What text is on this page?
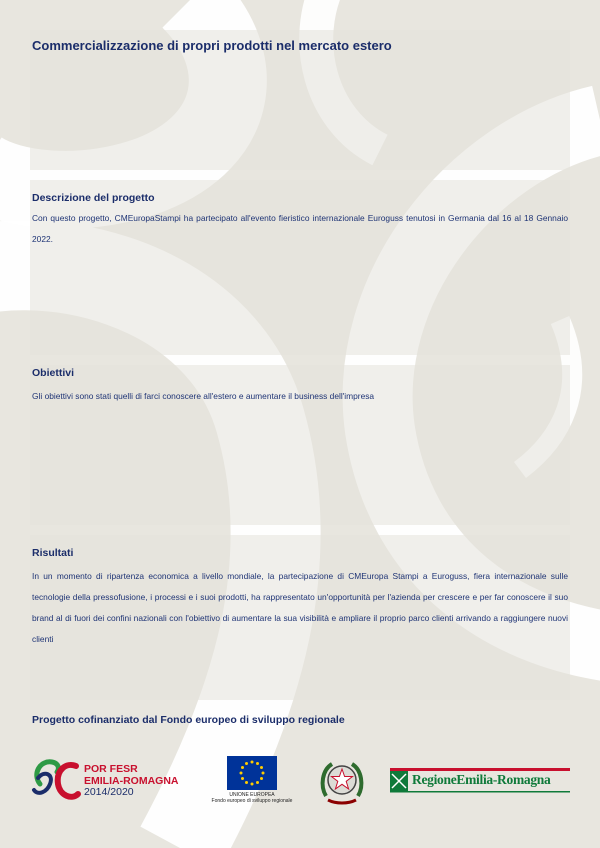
Commercializzazione di propri prodotti nel mercato estero
Descrizione del progetto

Con questo progetto, CMEuropaStampi ha partecipato all'evento fieristico internazionale Euroguss tenutosi in Germania dal 16 al 18 Gennaio 2022.

Obiettivi

Gli obiettivi sono stati quelli di farci conoscere all'estero e aumentare il business dell'impresa

Risultati

In un momento di ripartenza economica a livello mondiale, la partecipazione di CMEuropa Stampi a Euroguss, fiera internazionale sulle tecnologie della pressofusione, i processi e i suoi prodotti, ha rappresentato un'opportunità per l'azienda per crescere e per far conoscere il suo brand al di fuori dei confini nazionali con l'obiettivo di aumentare la sua visibilità e ampliare il proprio parco clienti arrivando a raggiungere nuovi clienti

Progetto cofinanziato dal Fondo europeo di sviluppo regionale
POR FESR
EMILIA-ROMAGNA
2014/2020	UNIONE EUROPEA
Fondo europeo di sviluppo regionale
RegioneEmilia-Romagna
